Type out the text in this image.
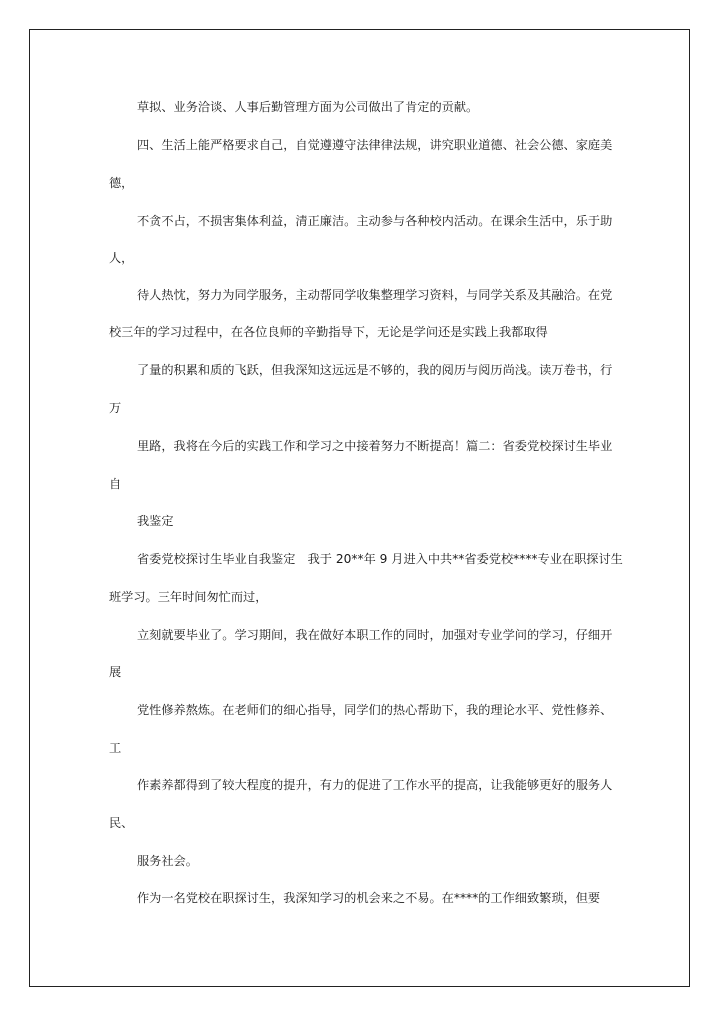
草拟、业务洽谈、人事后勤管理方面为公司做出了肯定的贡献。
四、生活上能严格要求自己，自觉遵遵守法律律法规，讲究职业道德、社会公德、家庭美
德，
不贪不占，不损害集体利益，清正廉洁。主动参与各种校内活动。在课余生活中，乐于助
人，
待人热忱，努力为同学服务，主动帮同学收集整理学习资料，与同学关系及其融洽。在党
校三年的学习过程中，在各位良师的辛勤指导下，无论是学问还是实践上我都取得
了量的积累和质的飞跃，但我深知这远远是不够的，我的阅历与阅历尚浅。读万卷书，行
万
里路，我将在今后的实践工作和学习之中接着努力不断提高！篇二：省委党校探讨生毕业
自
我鉴定
省委党校探讨生毕业自我鉴定　我于 20**年 9 月进入中共**省委党校****专业在职探讨生
班学习。三年时间匆忙而过，
立刻就要毕业了。学习期间，我在做好本职工作的同时，加强对专业学问的学习，仔细开
展
党性修养熬炼。在老师们的细心指导，同学们的热心帮助下，我的理论水平、党性修养、
工
作素养都得到了较大程度的提升，有力的促进了工作水平的提高，让我能够更好的服务人
民、
服务社会。
作为一名党校在职探讨生，我深知学习的机会来之不易。在****的工作细致繁琐，但要
